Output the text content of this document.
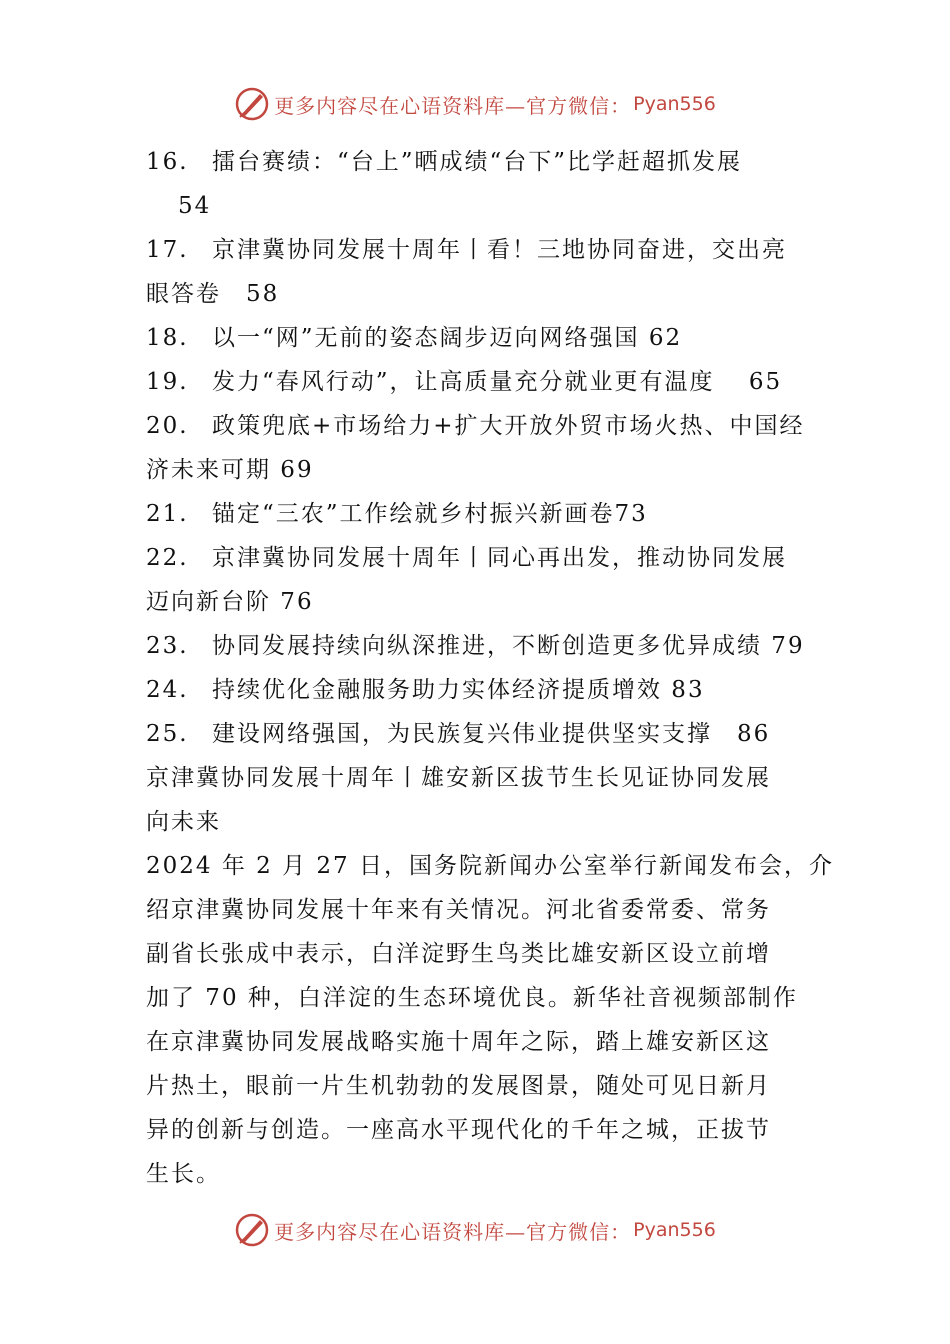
更多内容尽在心语资料库—官方微信： Pyan556
16. 擂台赛绩：“台上”晒成绩“台下”比学赶超抓发展
54
17. 京津冀协同发展十周年丨看！三地协同奋进，交出亮
眼答卷　58
18. 以一“网”无前的姿态阔步迈向网络强国 62
19. 发力“春风行动”，让高质量充分就业更有温度　 65
20. 政策兜底+市场给力+扩大开放外贸市场火热、中国经
济未来可期 69
21. 锚定“三农”工作绘就乡村振兴新画卷73
22. 京津冀协同发展十周年丨同心再出发，推动协同发展
迈向新台阶 76
23. 协同发展持续向纵深推进，不断创造更多优异成绩 79
24. 持续优化金融服务助力实体经济提质增效 83
25. 建设网络强国，为民族复兴伟业提供坚实支撑　86
京津冀协同发展十周年丨雄安新区拔节生长见证协同发展
向未来
2024 年 2 月 27 日，国务院新闻办公室举行新闻发布会，介
绍京津冀协同发展十年来有关情况。河北省委常委、常务
副省长张成中表示，白洋淀野生鸟类比雄安新区设立前增
加了 70 种，白洋淀的生态环境优良。新华社音视频部制作
在京津冀协同发展战略实施十周年之际，踏上雄安新区这
片热土，眼前一片生机勃勃的发展图景，随处可见日新月
异的创新与创造。一座高水平现代化的千年之城，正拔节
生长。
更多内容尽在心语资料库—官方微信： Pyan556
